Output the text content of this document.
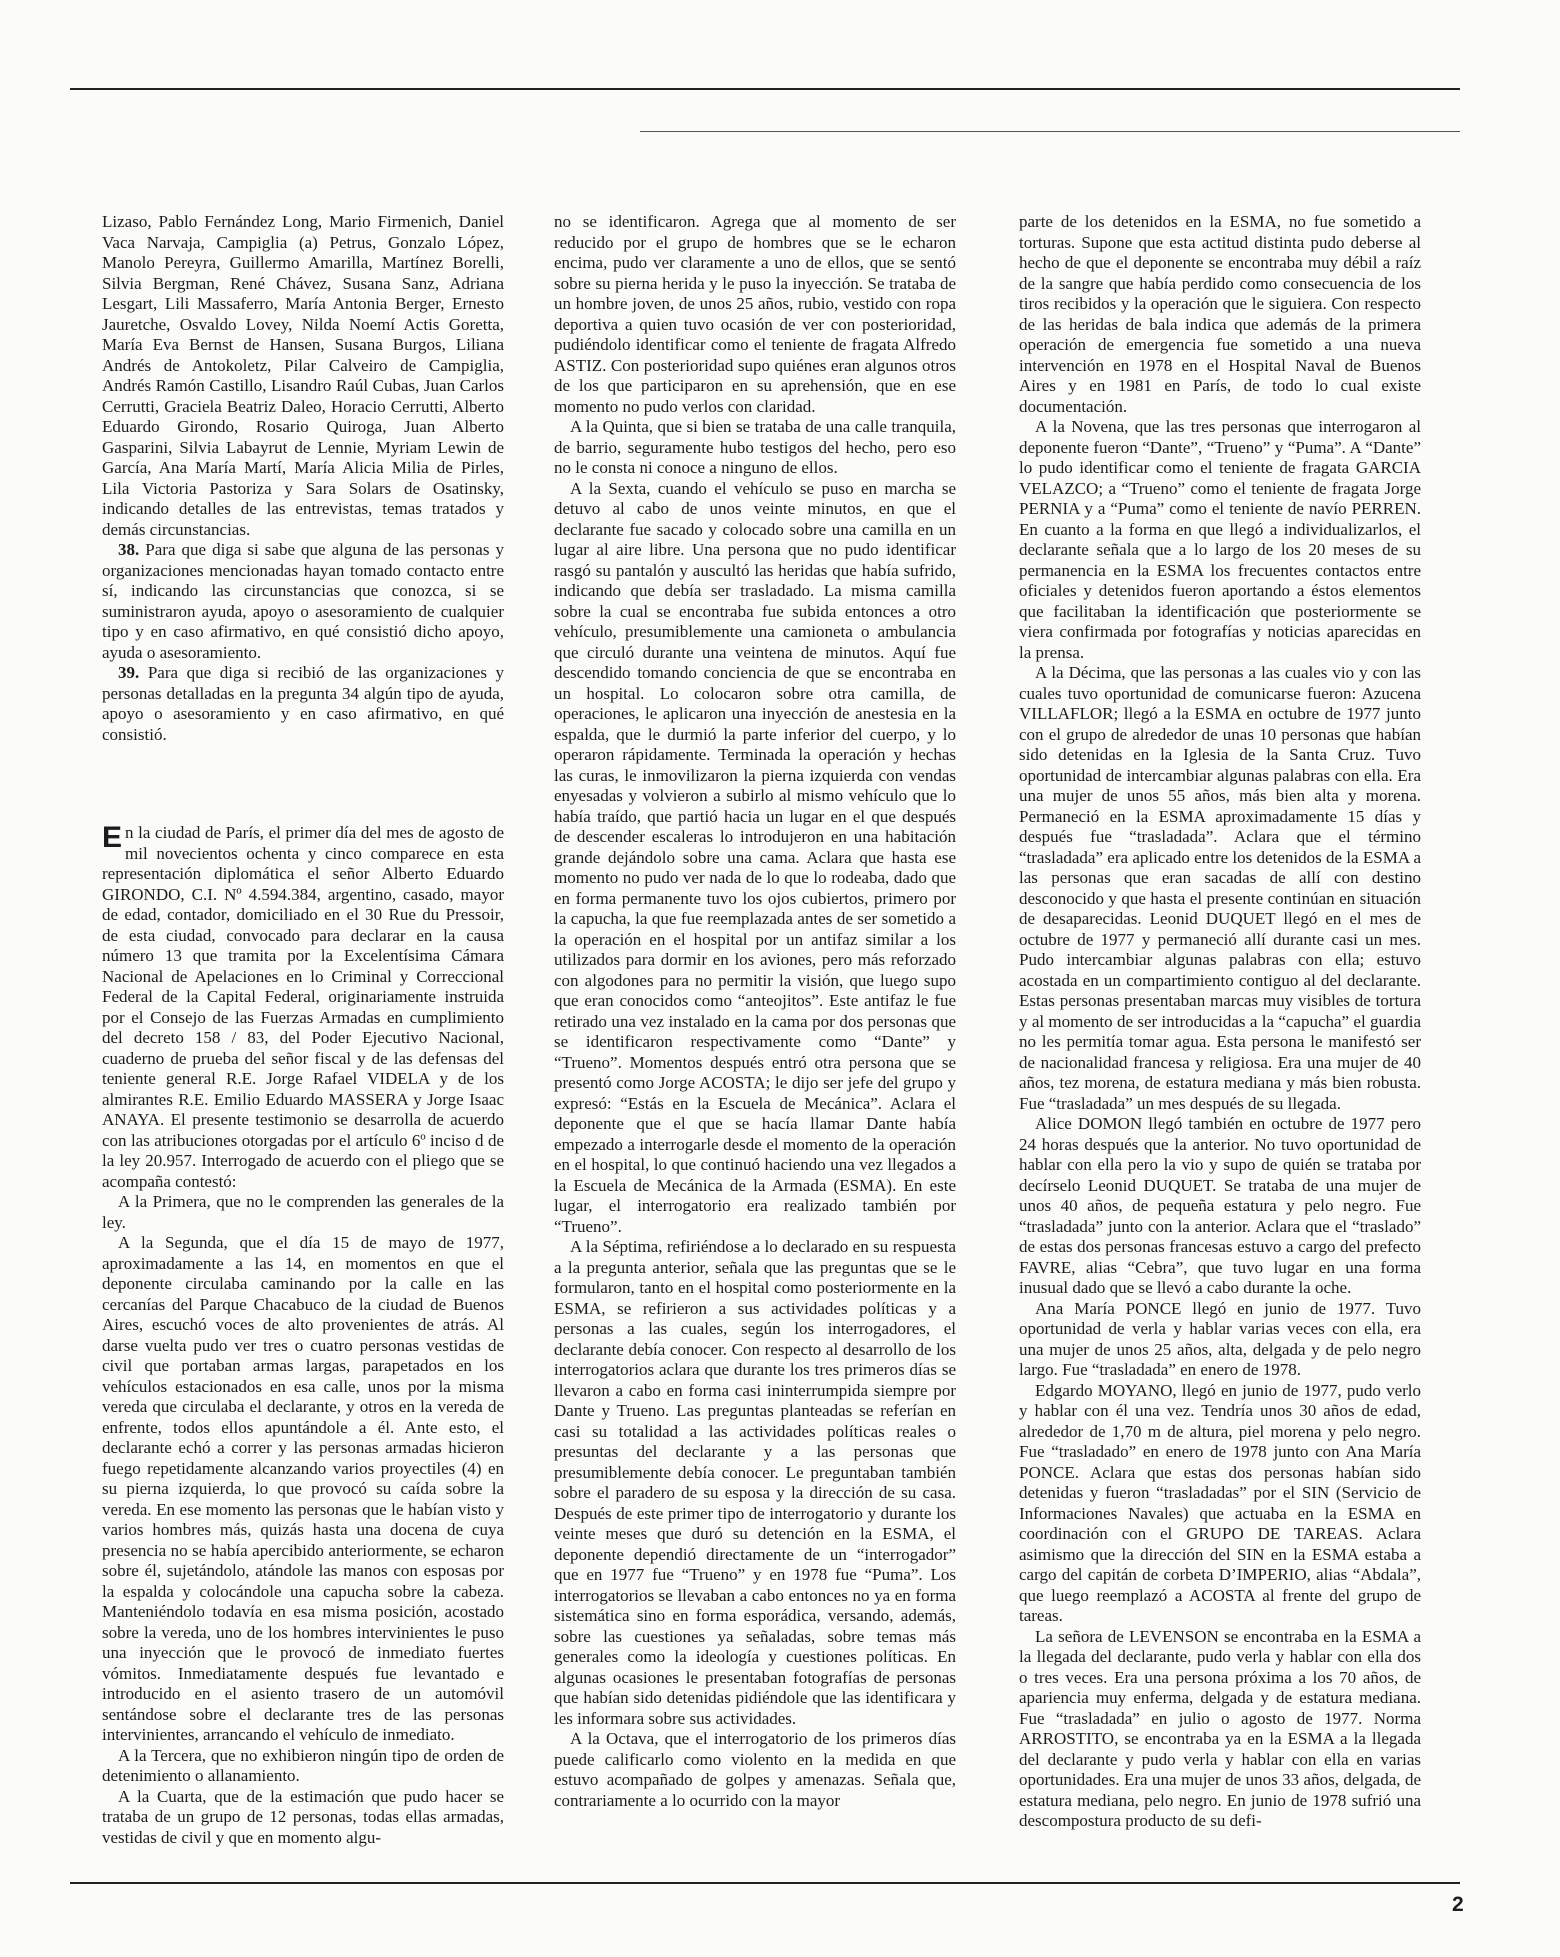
Lizaso, Pablo Fernández Long, Mario Firmenich, Daniel Vaca Narvaja, Campiglia (a) Petrus, Gonzalo López, Manolo Pereyra, Guillermo Amarilla, Martínez Borelli, Silvia Bergman, René Chávez, Susana Sanz, Adriana Lesgart, Lili Massaferro, María Antonia Berger, Ernesto Jauretche, Osvaldo Lovey, Nilda Noemí Actis Goretta, María Eva Bernst de Hansen, Susana Burgos, Liliana Andrés de Antokoletz, Pilar Calveiro de Campiglia, Andrés Ramón Castillo, Lisandro Raúl Cubas, Juan Carlos Cerrutti, Graciela Beatriz Daleo, Horacio Cerrutti, Alberto Eduardo Girondo, Rosario Quiroga, Juan Alberto Gasparini, Silvia Labayrut de Lennie, Myriam Lewin de García, Ana María Martí, María Alicia Milia de Pirles, Lila Victoria Pastoriza y Sara Solars de Osatinsky, indicando detalles de las entrevistas, temas tratados y demás circunstancias.

38. Para que diga si sabe que alguna de las personas y organizaciones mencionadas hayan tomado contacto entre sí, indicando las circunstancias que conozca, si se suministraron ayuda, apoyo o asesoramiento de cualquier tipo y en caso afirmativo, en qué consistió dicho apoyo, ayuda o asesoramiento.

39. Para que diga si recibió de las organizaciones y personas detalladas en la pregunta 34 algún tipo de ayuda, apoyo o asesoramiento y en caso afirmativo, en qué consistió.

En la ciudad de París, el primer día del mes de agosto de mil novecientos ochenta y cinco comparece en esta representación diplomática el señor Alberto Eduardo GIRONDO, C.I. Nº 4.594.384, argentino, casado, mayor de edad, contador, domiciliado en el 30 Rue du Pressoir, de esta ciudad, convocado para declarar en la causa número 13 que tramita por la Excelentísima Cámara Nacional de Apelaciones en lo Criminal y Correccional Federal de la Capital Federal, originariamente instruida por el Consejo de las Fuerzas Armadas en cumplimiento del decreto 158 / 83, del Poder Ejecutivo Nacional, cuaderno de prueba del señor fiscal y de las defensas del teniente general R.E. Jorge Rafael VIDELA y de los almirantes R.E. Emilio Eduardo MASSERA y Jorge Isaac ANAYA. El presente testimonio se desarrolla de acuerdo con las atribuciones otorgadas por el artículo 6º inciso d de la ley 20.957. Interrogado de acuerdo con el pliego que se acompaña contestó:

A la Primera, que no le comprenden las generales de la ley.

A la Segunda, que el día 15 de mayo de 1977, aproximadamente a las 14, en momentos en que el deponente circulaba caminando por la calle en las cercanías del Parque Chacabuco de la ciudad de Buenos Aires, escuchó voces de alto provenientes de atrás. Al darse vuelta pudo ver tres o cuatro personas vestidas de civil que portaban armas largas, parapetados en los vehículos estacionados en esa calle, unos por la misma vereda que circulaba el declarante, y otros en la vereda de enfrente, todos ellos apuntándole a él. Ante esto, el declarante echó a correr y las personas armadas hicieron fuego repetidamente alcanzando varios proyectiles (4) en su pierna izquierda, lo que provocó su caída sobre la vereda. En ese momento las personas que le habían visto y varios hombres más, quizás hasta una docena de cuya presencia no se había apercibido anteriormente, se echaron sobre él, sujetándolo, atándole las manos con esposas por la espalda y colocándole una capucha sobre la cabeza. Manteniéndolo todavía en esa misma posición, acostado sobre la vereda, uno de los hombres intervinientes le puso una inyección que le provocó de inmediato fuertes vómitos. Inmediatamente después fue levantado e introducido en el asiento trasero de un automóvil sentándose sobre el declarante tres de las personas intervinientes, arrancando el vehículo de inmediato.

A la Tercera, que no exhibieron ningún tipo de orden de detenimiento o allanamiento.

A la Cuarta, que de la estimación que pudo hacer se trataba de un grupo de 12 personas, todas ellas armadas, vestidas de civil y que en momento algu-

no se identificaron. Agrega que al momento de ser reducido por el grupo de hombres que se le echaron encima, pudo ver claramente a uno de ellos, que se sentó sobre su pierna herida y le puso la inyección. Se trataba de un hombre joven, de unos 25 años, rubio, vestido con ropa deportiva a quien tuvo ocasión de ver con posterioridad, pudiéndolo identificar como el teniente de fragata Alfredo ASTIZ. Con posterioridad supo quiénes eran algunos otros de los que participaron en su aprehensión, que en ese momento no pudo verlos con claridad.

A la Quinta, que si bien se trataba de una calle tranquila, de barrio, seguramente hubo testigos del hecho, pero eso no le consta ni conoce a ninguno de ellos.

A la Sexta, cuando el vehículo se puso en marcha se detuvo al cabo de unos veinte minutos, en que el declarante fue sacado y colocado sobre una camilla en un lugar al aire libre. Una persona que no pudo identificar rasgó su pantalón y auscultó las heridas que había sufrido, indicando que debía ser trasladado. La misma camilla sobre la cual se encontraba fue subida entonces a otro vehículo, presumiblemente una camioneta o ambulancia que circuló durante una veintena de minutos. Aquí fue descendido tomando conciencia de que se encontraba en un hospital. Lo colocaron sobre otra camilla, de operaciones, le aplicaron una inyección de anestesia en la espalda, que le durmió la parte inferior del cuerpo, y lo operaron rápidamente. Terminada la operación y hechas las curas, le inmovilizaron la pierna izquierda con vendas enyesadas y volvieron a subirlo al mismo vehículo que lo había traído, que partió hacia un lugar en el que después de descender escaleras lo introdujeron en una habitación grande dejándolo sobre una cama. Aclara que hasta ese momento no pudo ver nada de lo que lo rodeaba, dado que en forma permanente tuvo los ojos cubiertos, primero por la capucha, la que fue reemplazada antes de ser sometido a la operación en el hospital por un antifaz similar a los utilizados para dormir en los aviones, pero más reforzado con algodones para no permitir la visión, que luego supo que eran conocidos como “anteojitos”. Este antifaz le fue retirado una vez instalado en la cama por dos personas que se identificaron respectivamente como “Dante” y “Trueno”. Momentos después entró otra persona que se presentó como Jorge ACOSTA; le dijo ser jefe del grupo y expresó: “Estás en la Escuela de Mecánica”. Aclara el deponente que el que se hacía llamar Dante había empezado a interrogarle desde el momento de la operación en el hospital, lo que continuó haciendo una vez llegados a la Escuela de Mecánica de la Armada (ESMA). En este lugar, el interrogatorio era realizado también por “Trueno”.

A la Séptima, refiriéndose a lo declarado en su respuesta a la pregunta anterior, señala que las preguntas que se le formularon, tanto en el hospital como posteriormente en la ESMA, se refirieron a sus actividades políticas y a personas a las cuales, según los interrogadores, el declarante debía conocer. Con respecto al desarrollo de los interrogatorios aclara que durante los tres primeros días se llevaron a cabo en forma casi ininterrumpida siempre por Dante y Trueno. Las preguntas planteadas se referían en casi su totalidad a las actividades políticas reales o presuntas del declarante y a las personas que presumiblemente debía conocer. Le preguntaban también sobre el paradero de su esposa y la dirección de su casa. Después de este primer tipo de interrogatorio y durante los veinte meses que duró su detención en la ESMA, el deponente dependió directamente de un “interrogador” que en 1977 fue “Trueno” y en 1978 fue “Puma”. Los interrogatorios se llevaban a cabo entonces no ya en forma sistemática sino en forma esporádica, versando, además, sobre las cuestiones ya señaladas, sobre temas más generales como la ideología y cuestiones políticas. En algunas ocasiones le presentaban fotografías de personas que habían sido detenidas pidiéndole que las identificara y les informara sobre sus actividades.

A la Octava, que el interrogatorio de los primeros días puede calificarlo como violento en la medida en que estuvo acompañado de golpes y amenazas. Señala que, contrariamente a lo ocurrido con la mayor

parte de los detenidos en la ESMA, no fue sometido a torturas. Supone que esta actitud distinta pudo deberse al hecho de que el deponente se encontraba muy débil a raíz de la sangre que había perdido como consecuencia de los tiros recibidos y la operación que le siguiera. Con respecto de las heridas de bala indica que además de la primera operación de emergencia fue sometido a una nueva intervención en 1978 en el Hospital Naval de Buenos Aires y en 1981 en París, de todo lo cual existe documentación.

A la Novena, que las tres personas que interrogaron al deponente fueron “Dante”, “Trueno” y “Puma”. A “Dante” lo pudo identificar como el teniente de fragata GARCIA VELAZCO; a “Trueno” como el teniente de fragata Jorge PERNIA y a “Puma” como el teniente de navío PERREN. En cuanto a la forma en que llegó a individualizarlos, el declarante señala que a lo largo de los 20 meses de su permanencia en la ESMA los frecuentes contactos entre oficiales y detenidos fueron aportando a éstos elementos que facilitaban la identificación que posteriormente se viera confirmada por fotografías y noticias aparecidas en la prensa.

A la Décima, que las personas a las cuales vio y con las cuales tuvo oportunidad de comunicarse fueron: Azucena VILLAFLOR; llegó a la ESMA en octubre de 1977 junto con el grupo de alrededor de unas 10 personas que habían sido detenidas en la Iglesia de la Santa Cruz. Tuvo oportunidad de intercambiar algunas palabras con ella. Era una mujer de unos 55 años, más bien alta y morena. Permaneció en la ESMA aproximadamente 15 días y después fue “trasladada”. Aclara que el término “trasladada” era aplicado entre los detenidos de la ESMA a las personas que eran sacadas de allí con destino desconocido y que hasta el presente continúan en situación de desaparecidas. Leonid DUQUET llegó en el mes de octubre de 1977 y permaneció allí durante casi un mes. Pudo intercambiar algunas palabras con ella; estuvo acostada en un compartimiento contiguo al del declarante. Estas personas presentaban marcas muy visibles de tortura y al momento de ser introducidas a la “capucha” el guardia no les permitía tomar agua. Esta persona le manifestó ser de nacionalidad francesa y religiosa. Era una mujer de 40 años, tez morena, de estatura mediana y más bien robusta. Fue “trasladada” un mes después de su llegada.

Alice DOMON llegó también en octubre de 1977 pero 24 horas después que la anterior. No tuvo oportunidad de hablar con ella pero la vio y supo de quién se trataba por decírselo Leonid DUQUET. Se trataba de una mujer de unos 40 años, de pequeña estatura y pelo negro. Fue “trasladada” junto con la anterior. Aclara que el “traslado” de estas dos personas francesas estuvo a cargo del prefecto FAVRE, alias “Cebra”, que tuvo lugar en una forma inusual dado que se llevó a cabo durante la oche.

Ana María PONCE llegó en junio de 1977. Tuvo oportunidad de verla y hablar varias veces con ella, era una mujer de unos 25 años, alta, delgada y de pelo negro largo. Fue “trasladada” en enero de 1978.

Edgardo MOYANO, llegó en junio de 1977, pudo verlo y hablar con él una vez. Tendría unos 30 años de edad, alrededor de 1,70 m de altura, piel morena y pelo negro. Fue “trasladado” en enero de 1978 junto con Ana María PONCE. Aclara que estas dos personas habían sido detenidas y fueron “trasladadas” por el SIN (Servicio de Informaciones Navales) que actuaba en la ESMA en coordinación con el GRUPO DE TAREAS. Aclara asimismo que la dirección del SIN en la ESMA estaba a cargo del capitán de corbeta D’IMPERIO, alias “Abdala”, que luego reemplazó a ACOSTA al frente del grupo de tareas.

La señora de LEVENSON se encontraba en la ESMA a la llegada del declarante, pudo verla y hablar con ella dos o tres veces. Era una persona próxima a los 70 años, de apariencia muy enferma, delgada y de estatura mediana. Fue “trasladada” en julio o agosto de 1977. Norma ARROSTITO, se encontraba ya en la ESMA a la llegada del declarante y pudo verla y hablar con ella en varias oportunidades. Era una mujer de unos 33 años, delgada, de estatura mediana, pelo negro. En junio de 1978 sufrió una descompostura producto de su defi-

2
